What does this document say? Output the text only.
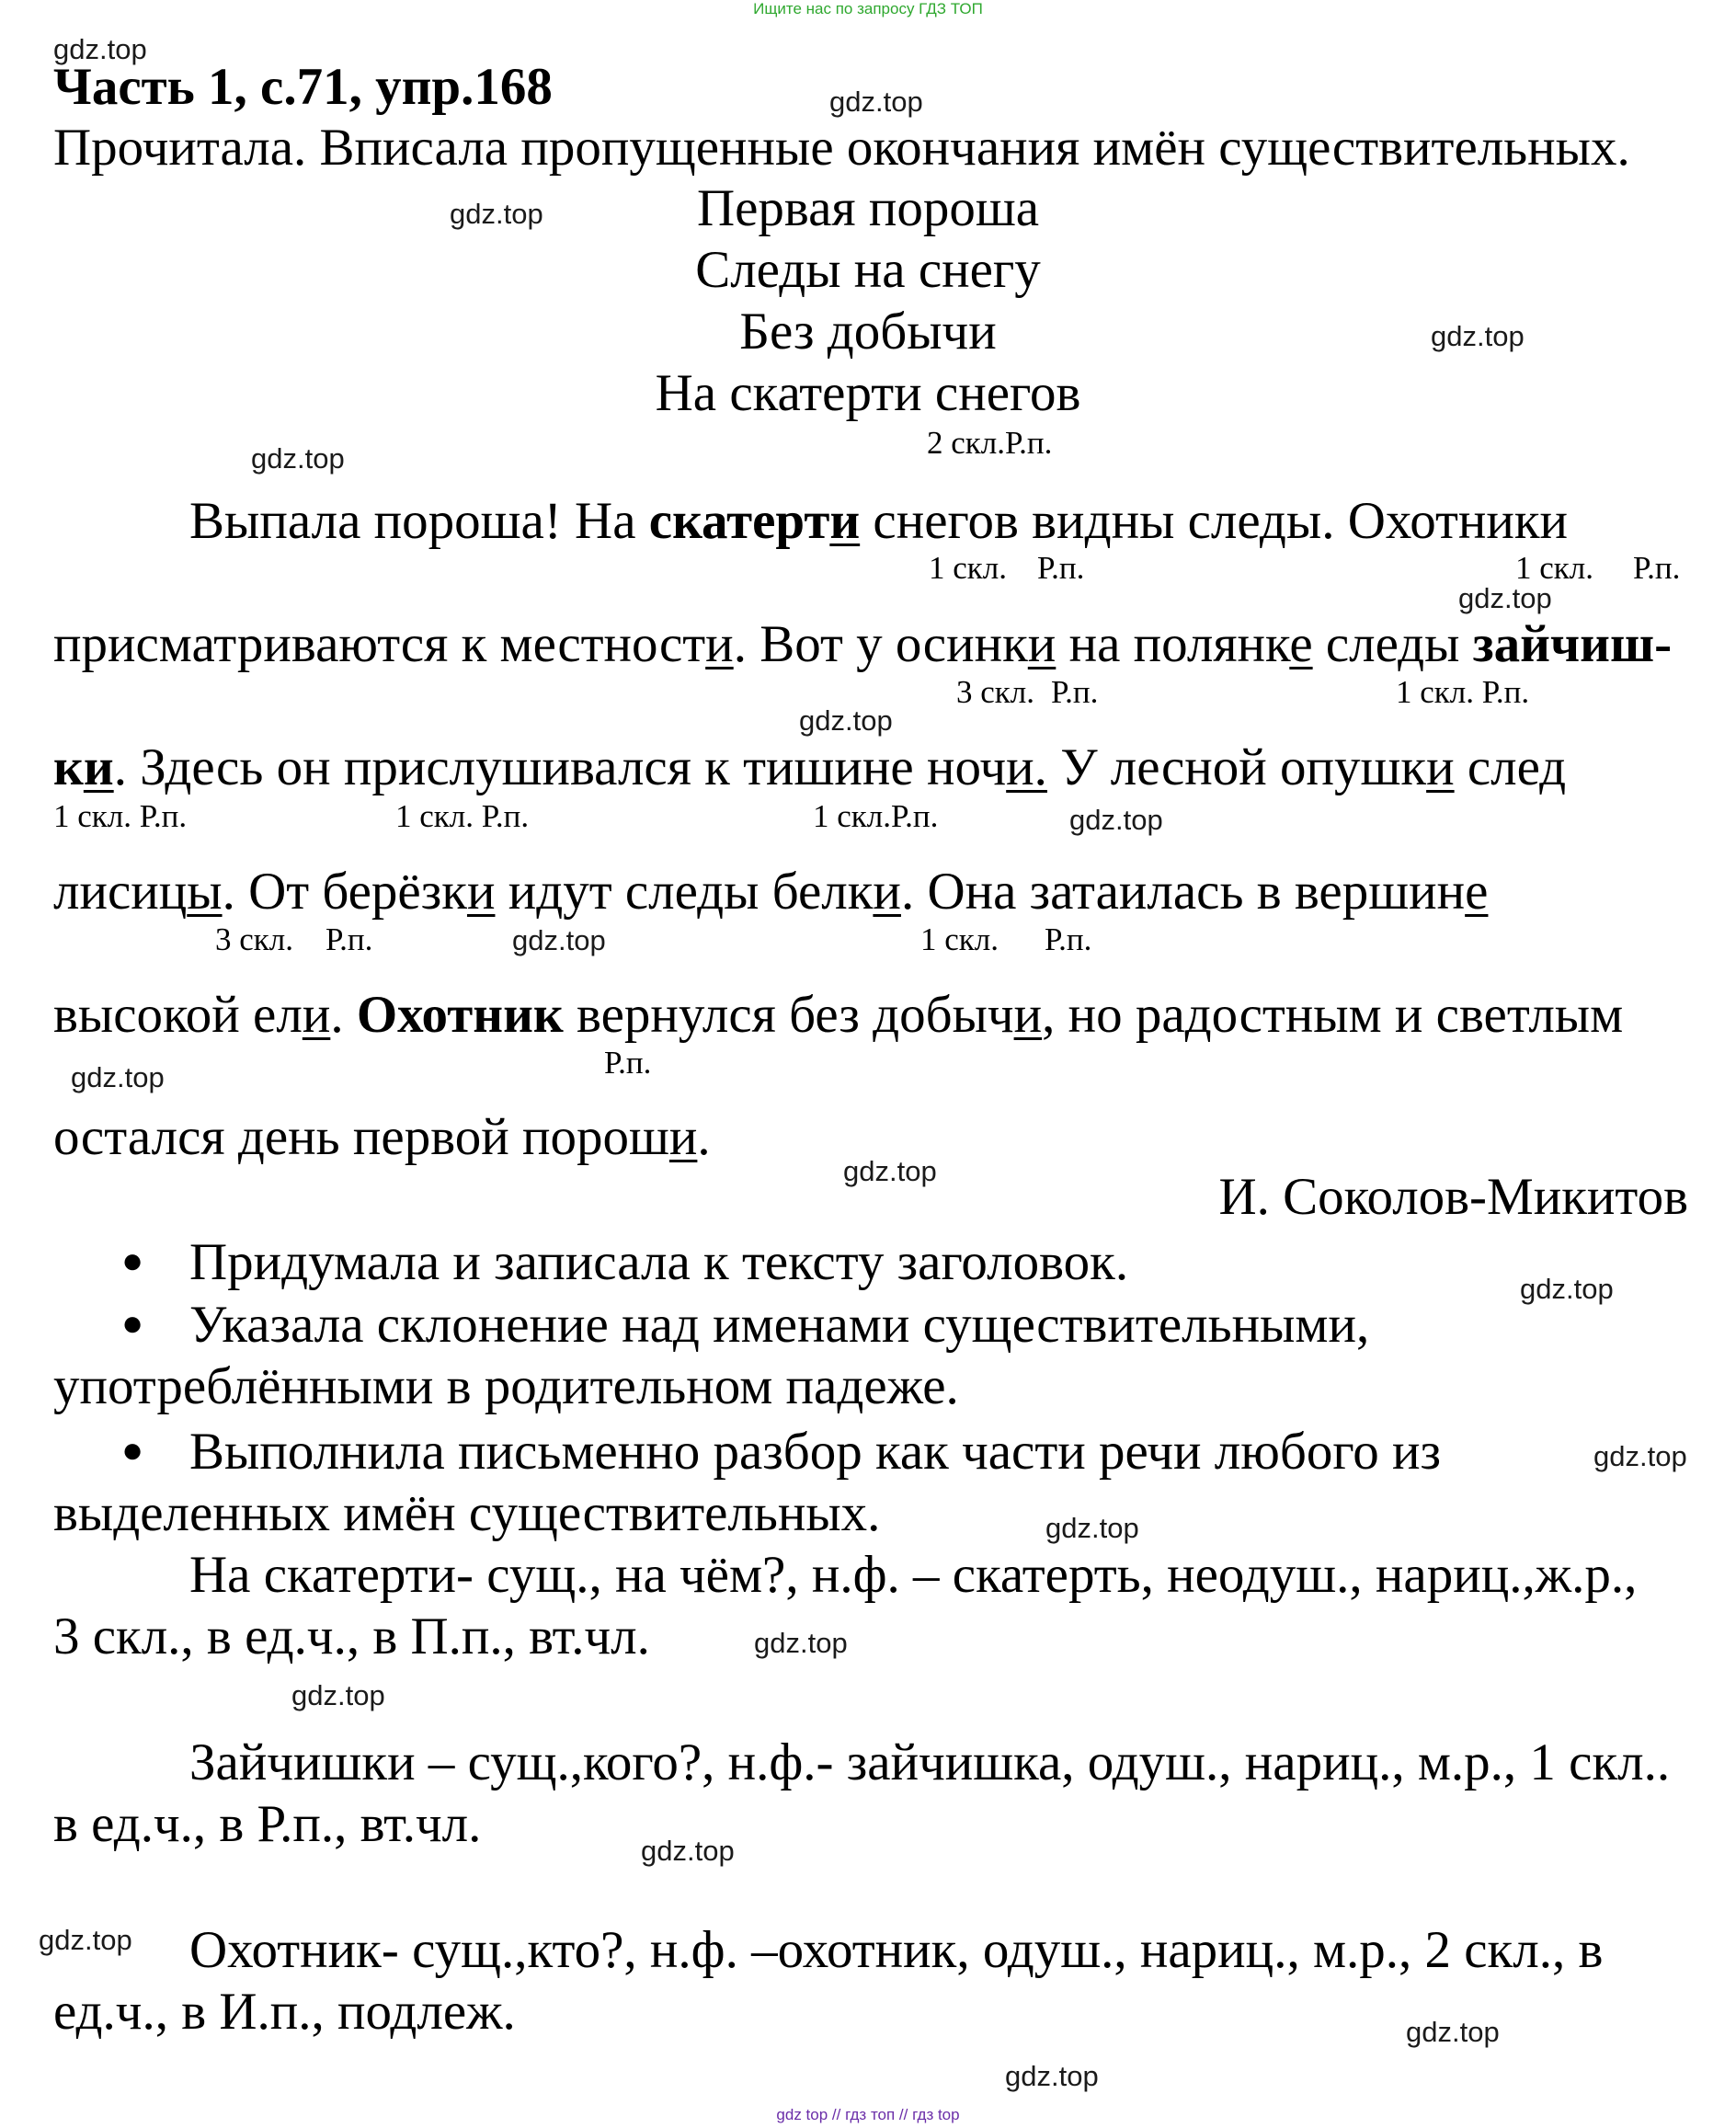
Ищите нас по запросу ГДЗ ТОП
gdz.top
gdz.top
gdz.top
gdz.top
gdz.top
gdz.top
gdz.top
gdz.top
gdz.top
gdz.top
gdz.top
gdz.top
gdz.top
gdz.top
gdz.top
gdz.top
gdz.top
gdz.top
gdz.top
gdz.top
Часть 1, с.71, упр.168
Прочитала. Вписала пропущенные окончания имён существительных.
Первая пороша
Следы на снегу
Без добычи
На скатерти снегов
2 скл.Р.п.
Выпала пороша! На скатерти снегов видны следы. Охотники
1 скл. Р.п.	1 скл. Р.п.
присматриваются к местности. Вот у осинки на полянке следы зайчиш-
3 скл. Р.п.	1 скл. Р.п.
ки. Здесь он прислушивался к тишине ночи. У лесной опушки след
1 скл. Р.п.	1 скл. Р.п.	1 скл.Р.п.
лисицы. От берёзки идут следы белки. Она затаилась в вершине
3 скл. Р.п.	1 скл. Р.п.
высокой ели. Охотник вернулся без добычи, но радостным и светлым
Р.п.
остался день первой пороши.
И. Соколов-Микитов
● Придумала и записала к тексту заголовок.
● Указала склонение над именами существительными,
употреблёнными в родительном падеже.
● Выполнила письменно разбор как части речи любого из
выделенных имён существительных.
На скатерти- сущ., на чём?, н.ф. – скатерть, неодуш., нариц.,ж.р.,
3 скл., в ед.ч., в П.п., вт.чл.
Зайчишки – сущ.,кого?, н.ф.- зайчишка, одуш., нариц., м.р., 1 скл..
в ед.ч., в Р.п., вт.чл.
Охотник- сущ.,кто?, н.ф. –охотник, одуш., нариц., м.р., 2 скл., в
ед.ч., в И.п., подлеж.
gdz top // гдз топ // гдз top
